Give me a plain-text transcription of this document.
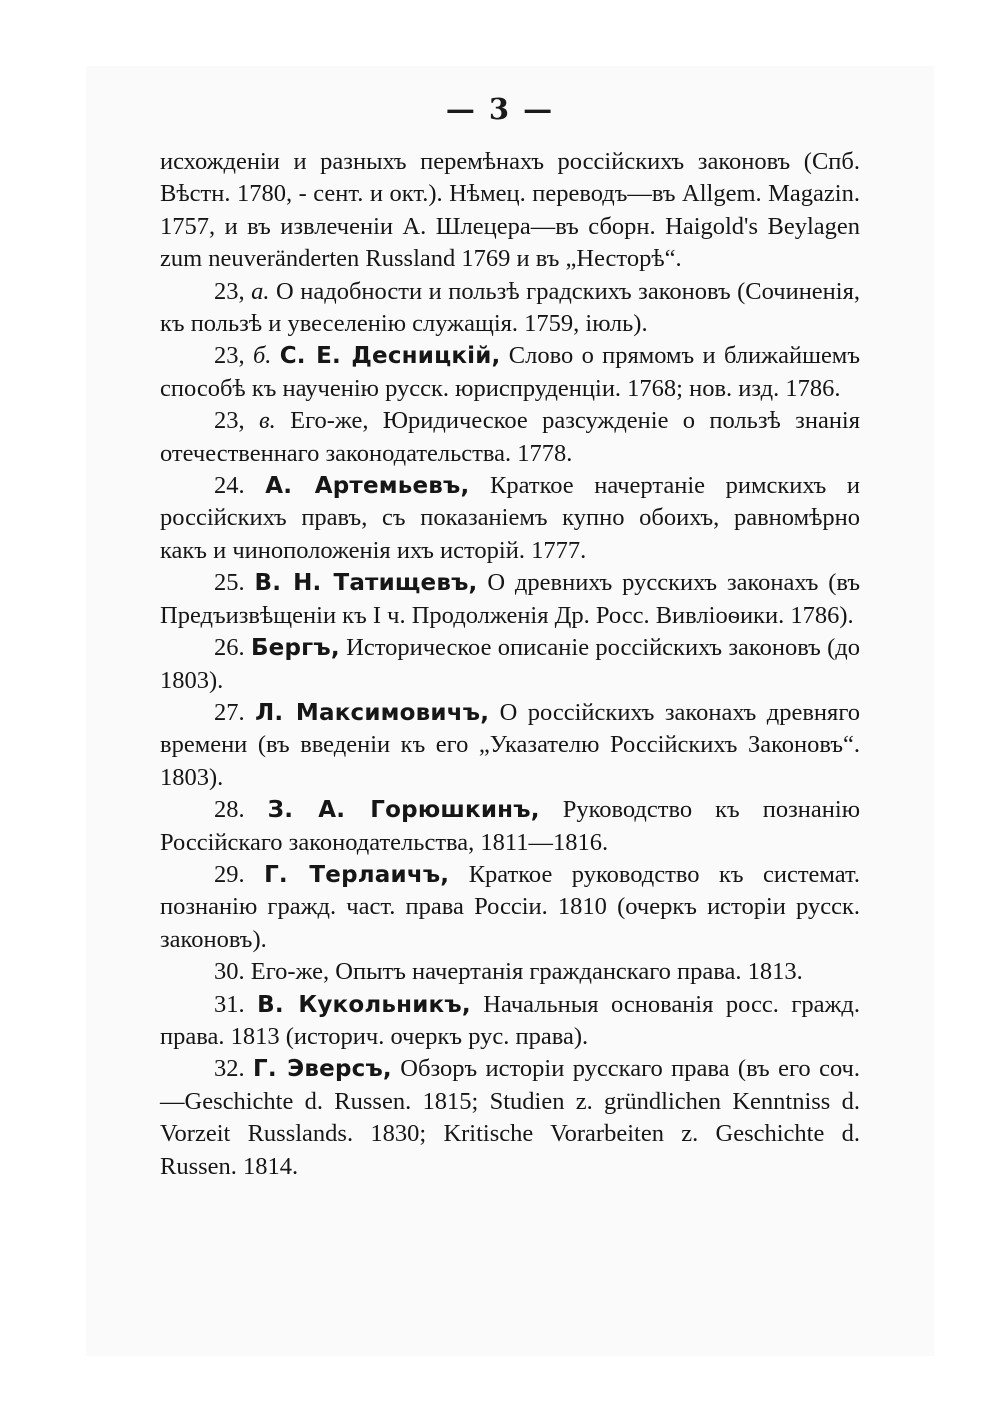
— 3 —

исхожденіи и разныхъ перемѣнахъ россійскихъ законовъ (Спб. Вѣстн. 1780, - сент. и окт.). Нѣмец. переводъ—въ Allgem. Magazin. 1757, и въ извлеченіи А. Шлецера—въ сборн. Haigold's Beylagen zum neuveränderten Russland 1769 и въ „Несторѣ“.

23, а. О надобности и пользѣ градскихъ законовъ (Сочиненія, къ пользѣ и увеселенію служащія. 1759, іюль).

23, б. С. Е. Десницкій, Слово о прямомъ и ближайшемъ способѣ къ наученію русск. юриспруденціи. 1768; нов. изд. 1786.

23, в. Его-же, Юридическое разсужденіе о пользѣ знанія отечественнаго законодательства. 1778.

24. А. Артемьевъ, Краткое начертаніе римскихъ и россійскихъ правъ, съ показаніемъ купно обоихъ, равномѣрно какъ и чиноположенія ихъ исторій. 1777.

25. В. Н. Татищевъ, О древнихъ русскихъ законахъ (въ Предъизвѣщеніи къ I ч. Продолженія Др. Росс. Вивліоѳики. 1786).

26. Бергъ, Историческое описаніе россійскихъ законовъ (до 1803).

27. Л. Максимовичъ, О россійскихъ законахъ древняго времени (въ введеніи къ его „Указателю Россійскихъ Законовъ“. 1803).

28. З. А. Горюшкинъ, Руководство къ познанію Россійскаго законодательства, 1811—1816.

29. Г. Терлаичъ, Краткое руководство къ системат. познанію гражд. част. права Россіи. 1810 (очеркъ исторіи русск. законовъ).

30. Его-же, Опытъ начертанія гражданскаго права. 1813.

31. В. Кукольникъ, Начальныя основанія росс. гражд. права. 1813 (историч. очеркъ рус. права).

32. Г. Эверсъ, Обзоръ исторіи русскаго права (въ его соч.—Geschichte d. Russen. 1815; Studien z. gründlichen Kenntniss d. Vorzeit Russlands. 1830; Kritische Vorarbeiten z. Geschichte d. Russen. 1814.
